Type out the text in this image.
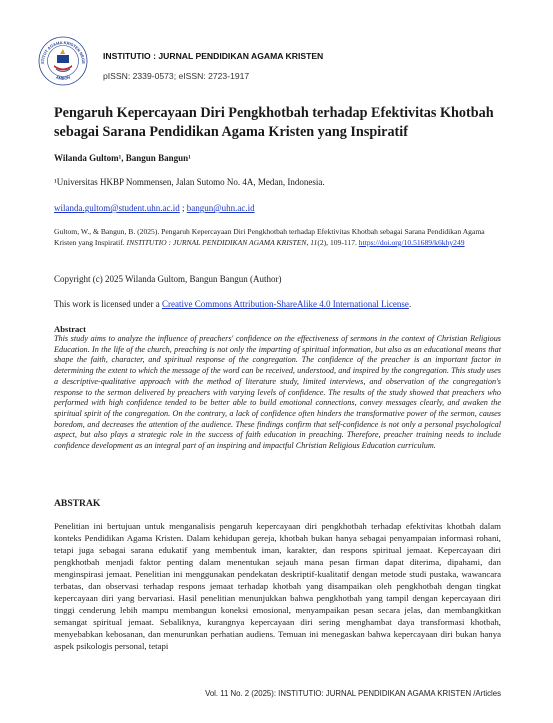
STITUT AGAMA KRISTEN NEGE
AMBON
INSTITUTIO : JURNAL PENDIDIKAN AGAMA KRISTEN
pISSN: 2339-0573; eISSN: 2723-1917
Pengaruh Kepercayaan Diri Pengkhotbah terhadap Efektivitas Khotbah sebagai Sarana Pendidikan Agama Kristen yang Inspiratif
Wilanda Gultom¹, Bangun Bangun¹
¹Universitas HKBP Nommensen, Jalan Sutomo No. 4A, Medan, Indonesia.
wilanda.gultom@student.uhn.ac.id ; bangun@uhn.ac.id
Gultom, W., & Bangun, B. (2025). Pengaruh Kepercayaan Diri Pengkhotbah terhadap Efektivitas Khotbah sebagai Sarana Pendidikan Agama Kristen yang Inspiratif. INSTITUTIO : JURNAL PENDIDIKAN AGAMA KRISTEN, 11(2), 109-117. https://doi.org/10.51689/k6khy249
Copyright (c) 2025 Wilanda Gultom, Bangun Bangun (Author)
This work is licensed under a Creative Commons Attribution-ShareAlike 4.0 International License.
Abstract
This study aims to analyze the influence of preachers' confidence on the effectiveness of sermons in the context of Christian Religious Education. In the life of the church, preaching is not only the imparting of spiritual information, but also as an educational means that shape the faith, character, and spiritual response of the congregation. The confidence of the preacher is an important factor in determining the extent to which the message of the word can be received, understood, and inspired by the congregation. This study uses a descriptive-qualitative approach with the method of literature study, limited interviews, and observation of the congregation's response to the sermon delivered by preachers with varying levels of confidence. The results of the study showed that preachers who performed with high confidence tended to be better able to build emotional connections, convey messages clearly, and awaken the spiritual spirit of the congregation. On the contrary, a lack of confidence often hinders the transformative power of the sermon, causes boredom, and decreases the attention of the audience. These findings confirm that self-confidence is not only a personal psychological aspect, but also plays a strategic role in the success of faith education in preaching. Therefore, preacher training needs to include confidence development as an integral part of an inspiring and impactful Christian Religious Education curriculum.
ABSTRAK
Penelitian ini bertujuan untuk menganalisis pengaruh kepercayaan diri pengkhotbah terhadap efektivitas khotbah dalam konteks Pendidikan Agama Kristen. Dalam kehidupan gereja, khotbah bukan hanya sebagai penyampaian informasi rohani, tetapi juga sebagai sarana edukatif yang membentuk iman, karakter, dan respons spiritual jemaat. Kepercayaan diri pengkhotbah menjadi faktor penting dalam menentukan sejauh mana pesan firman dapat diterima, dipahami, dan menginspirasi jemaat. Penelitian ini menggunakan pendekatan deskriptif-kualitatif dengan metode studi pustaka, wawancara terbatas, dan observasi terhadap respons jemaat terhadap khotbah yang disampaikan oleh pengkhotbah dengan tingkat kepercayaan diri yang bervariasi. Hasil penelitian menunjukkan bahwa pengkhotbah yang tampil dengan kepercayaan diri tinggi cenderung lebih mampu membangun koneksi emosional, menyampaikan pesan secara jelas, dan membangkitkan semangat spiritual jemaat. Sebaliknya, kurangnya kepercayaan diri sering menghambat daya transformasi khotbah, menyebabkan kebosanan, dan menurunkan perhatian audiens. Temuan ini menegaskan bahwa kepercayaan diri bukan hanya aspek psikologis personal, tetapi
Vol. 11 No. 2 (2025): INSTITUTIO: JURNAL PENDIDIKAN AGAMA KRISTEN /Articles
